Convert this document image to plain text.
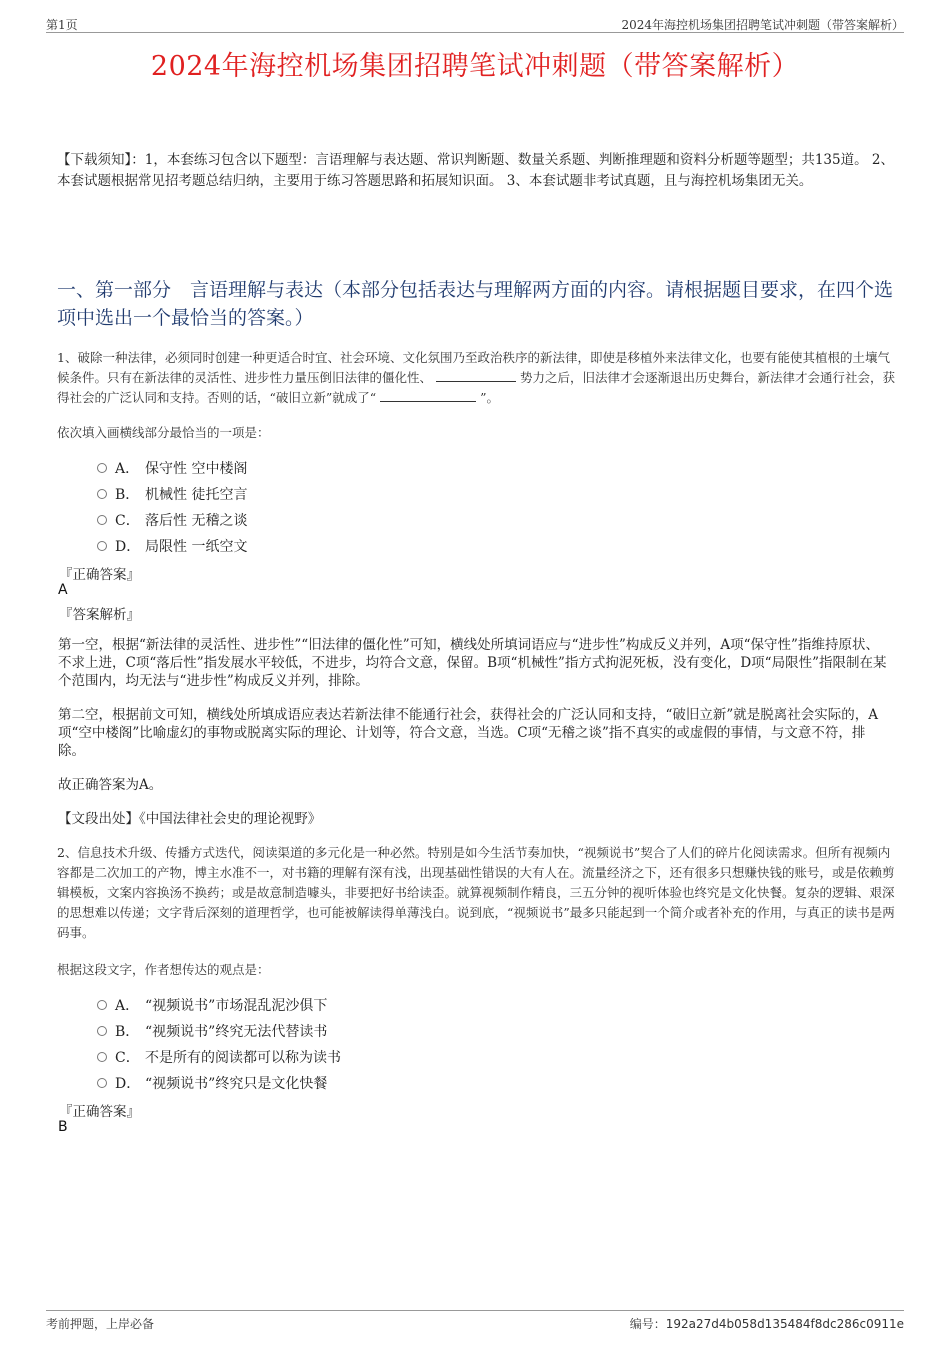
第1页	2024年海控机场集团招聘笔试冲刺题（带答案解析）
2024年海控机场集团招聘笔试冲刺题（带答案解析）
【下载须知】：1，本套练习包含以下题型：言语理解与表达题、常识判断题、数量关系题、判断推理题和资料分析题等题型；共135道。 2、本套试题根据常见招考题总结归纳，主要用于练习答题思路和拓展知识面。 3、本套试题非考试真题，且与海控机场集团无关。
一、第一部分　言语理解与表达（本部分包括表达与理解两方面的内容。请根据题目要求，在四个选项中选出一个最恰当的答案。）
1、破除一种法律，必须同时创建一种更适合时宜、社会环境、文化氛围乃至政治秩序的新法律，即使是移植外来法律文化，也要有能使其植根的土壤气候条件。只有在新法律的灵活性、进步性力量压倒旧法律的僵化性、	势力之后，旧法律才会逐渐退出历史舞台，新法律才会通行社会，获得社会的广泛认同和支持。否则的话，“破旧立新”就成了“	”。
依次填入画横线部分最恰当的一项是：
A． 保守性 空中楼阁
B． 机械性 徒托空言
C． 落后性 无稽之谈
D． 局限性 一纸空文
『正确答案』
A
『答案解析』
第一空，根据“新法律的灵活性、进步性”“旧法律的僵化性”可知，横线处所填词语应与“进步性”构成反义并列，A项“保守性”指维持原状、不求上进，C项“落后性”指发展水平较低，不进步，均符合文意，保留。B项“机械性”指方式拘泥死板，没有变化，D项“局限性”指限制在某个范围内，均无法与“进步性”构成反义并列，排除。
第二空，根据前文可知，横线处所填成语应表达若新法律不能通行社会，获得社会的广泛认同和支持，“破旧立新”就是脱离社会实际的，A项“空中楼阁”比喻虚幻的事物或脱离实际的理论、计划等，符合文意，当选。C项“无稽之谈”指不真实的或虚假的事情，与文意不符，排除。
故正确答案为A。
【文段出处】《中国法律社会史的理论视野》
2、信息技术升级、传播方式迭代，阅读渠道的多元化是一种必然。特别是如今生活节奏加快，“视频说书”契合了人们的碎片化阅读需求。但所有视频内容都是二次加工的产物，博主水准不一，对书籍的理解有深有浅，出现基础性错误的大有人在。流量经济之下，还有很多只想赚快钱的账号，或是依赖剪辑模板，文案内容换汤不换药；或是故意制造噱头，非要把好书给读歪。就算视频制作精良，三五分钟的视听体验也终究是文化快餐。复杂的逻辑、艰深的思想难以传递；文字背后深刻的道理哲学，也可能被解读得单薄浅白。说到底，“视频说书”最多只能起到一个简介或者补充的作用，与真正的读书是两码事。
根据这段文字，作者想传达的观点是：
A． “视频说书”市场混乱泥沙俱下
B． “视频说书”终究无法代替读书
C． 不是所有的阅读都可以称为读书
D． “视频说书”终究只是文化快餐
『正确答案』
B
考前押题，上岸必备	编号：192a27d4b058d135484f8dc286c0911e
